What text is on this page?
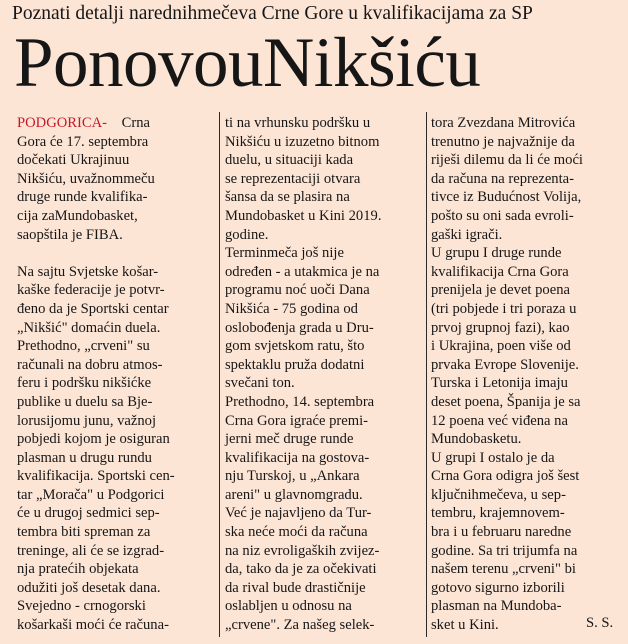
Poznati detalji narednihmečeva Crne Gore u kvalifikacijama za SP
PonovouNikšiću
PODGORICA- Crna
Gora će 17. septembra
dočekati Ukrajinuu
Nikšiću, uvažnommeču
druge runde kvalifika-
cija zaMundobasket,
saopštila je FIBA.
Na sajtu Svjetske košar-
kaške federacije je potvr-
đeno da je Sportski centar
„Nikšić" domaćin duela.
Prethodno, „crveni" su
računali na dobru atmos-
feru i podršku nikšićke
publike u duelu sa Bje-
lorusijomu junu, važnoj
pobjedi kojom je osiguran
plasman u drugu rundu
kvalifikacija. Sportski cen-
tar „Morača" u Podgorici
će u drugoj sedmici sep-
tembra biti spreman za
treninge, ali će se izgrad-
nja pratećih objekata
odužiti još desetak dana.
Svejedno - crnogorski
košarkaši moći će računa-
ti na vrhunsku podršku u
Nikšiću u izuzetno bitnom
duelu, u situaciji kada
se reprezentaciji otvara
šansa da se plasira na
Mundobasket u Kini 2019.
godine.
Terminmeča još nije
određen - a utakmica je na
programu noć uoči Dana
Nikšića - 75 godina od
oslobođenja grada u Dru-
gom svjetskom ratu, što
spektaklu pruža dodatni
svečani ton.
Prethodno, 14. septembra
Crna Gora igraće premi-
jerni meč druge runde
kvalifikacija na gostova-
nju Turskoj, u „Ankara
areni" u glavnomgradu.
Već je najavljeno da Tur-
ska neće moći da računa
na niz evroligaških zvijez-
da, tako da je za očekivati
da rival bude drastičnije
oslabljen u odnosu na
„crvene". Za našeg selek-
tora Zvezdana Mitrovića
trenutno je najvažnije da
riješi dilemu da li će moći
da računa na reprezenta-
tivce iz Budućnost Volija,
pošto su oni sada evroli-
gaški igrači.
U grupu I druge runde
kvalifikacija Crna Gora
prenijela je devet poena
(tri pobjede i tri poraza u
prvoj grupnoj fazi), kao
i Ukrajina, poen više od
prvaka Evrope Slovenije.
Turska i Letonija imaju
deset poena, Španija je sa
12 poena već viđena na
Mundobasketu.
U grupi I ostalo je da
Crna Gora odigra još šest
ključnihmečeva, u sep-
tembru, krajemnovem-
bra i u februaru naredne
godine. Sa tri trijumfa na
našem terenu „crveni" bi
gotovo sigurno izborili
plasman na Mundoba-
sket u Kini.	S. S.
